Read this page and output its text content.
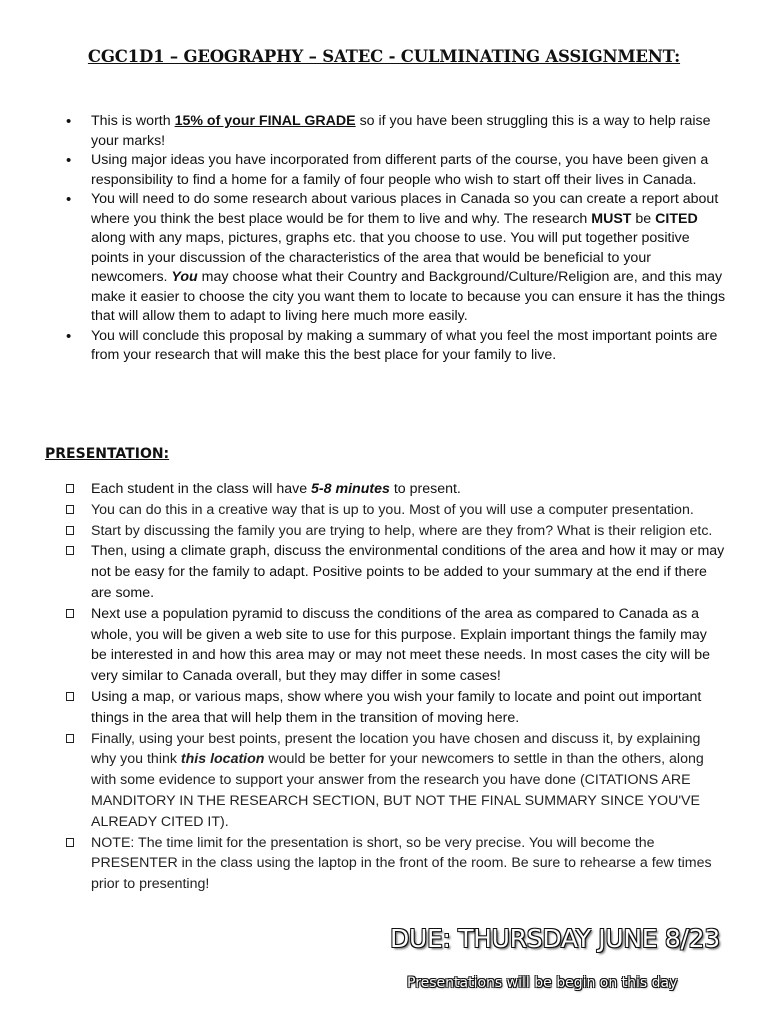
CGC1D1 – GEOGRAPHY – SATEC - CULMINATING ASSIGNMENT:
• This is worth 15% of your FINAL GRADE so if you have been struggling this is a way to help raise your marks!
• Using major ideas you have incorporated from different parts of the course, you have been given a responsibility to find a home for a family of four people who wish to start off their lives in Canada.
• You will need to do some research about various places in Canada so you can create a report about where you think the best place would be for them to live and why. The research MUST be CITED along with any maps, pictures, graphs etc. that you choose to use. You will put together positive points in your discussion of the characteristics of the area that would be beneficial to your newcomers. You may choose what their Country and Background/Culture/Religion are, and this may make it easier to choose the city you want them to locate to because you can ensure it has the things that will allow them to adapt to living here much more easily.
• You will conclude this proposal by making a summary of what you feel the most important points are from your research that will make this the best place for your family to live.
PRESENTATION:
Each student in the class will have 5-8 minutes to present.
You can do this in a creative way that is up to you. Most of you will use a computer presentation.
Start by discussing the family you are trying to help, where are they from? What is their religion etc.
Then, using a climate graph, discuss the environmental conditions of the area and how it may or may not be easy for the family to adapt. Positive points to be added to your summary at the end if there are some.
Next use a population pyramid to discuss the conditions of the area as compared to Canada as a whole, you will be given a web site to use for this purpose. Explain important things the family may be interested in and how this area may or may not meet these needs. In most cases the city will be very similar to Canada overall, but they may differ in some cases!
Using a map, or various maps, show where you wish your family to locate and point out important things in the area that will help them in the transition of moving here.
Finally, using your best points, present the location you have chosen and discuss it, by explaining why you think this location would be better for your newcomers to settle in than the others, along with some evidence to support your answer from the research you have done (CITATIONS ARE MANDITORY IN THE RESEARCH SECTION, BUT NOT THE FINAL SUMMARY SINCE YOU'VE ALREADY CITED IT).
NOTE: The time limit for the presentation is short, so be very precise. You will become the PRESENTER in the class using the laptop in the front of the room. Be sure to rehearse a few times prior to presenting!
DUE: THURSDAY JUNE 8/23
Presentations will be begin on this day
